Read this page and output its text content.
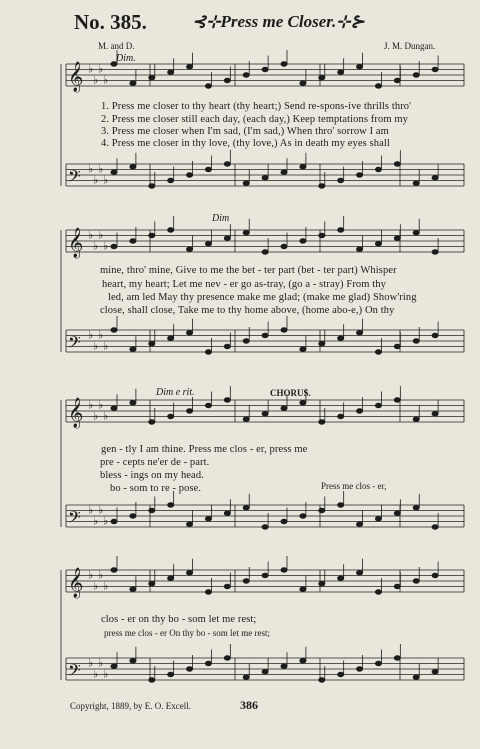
No. 385.	⊰⊹Press me Closer.⊹⊱
M. and D.	J. M. Dungan.
𝄞 ♭
♭
♭
♭
𝄢 ♭
♭
♭
♭
𝄞 ♭
♭
♭
♭
𝄢 ♭
♭
♭
♭
𝄞 ♭
♭
♭
♭
𝄢 ♭
♭
♭
♭
𝄞 ♭
♭
♭
♭
𝄢 ♭
♭
♭
♭
Dim.
1. Press me closer to thy heart (thy heart;) Send re-spons-ive thrills thro'
2. Press me closer still each day, (each day,) Keep temptations from my
3. Press me closer when I'm sad, (I'm sad,) When thro' sorrow I am
4. Press me closer in thy love, (thy love,) As in death my eyes shall
Dim
mine, thro' mine, Give to me the bet - ter part (bet - ter part) Whisper
heart, my heart; Let me nev - er go as-tray, (go a - stray) From thy
led, am led May thy presence make me glad; (make me glad) Show'ring
close, shall close, Take me to thy home above, (home abo-e,) On thy
Dim e rit.	CHORUS.
gen - tly I am thine. Press me clos - er, press me
pre - cepts ne'er de - part.
bless - ings on my head.
bo - som to re - pose.	Press me clos - er,
clos - er on thy bo - som let me rest;
press me clos - er On thy bo - som let me rest;
Copyright, 1889, by E. O. Excell.	386
